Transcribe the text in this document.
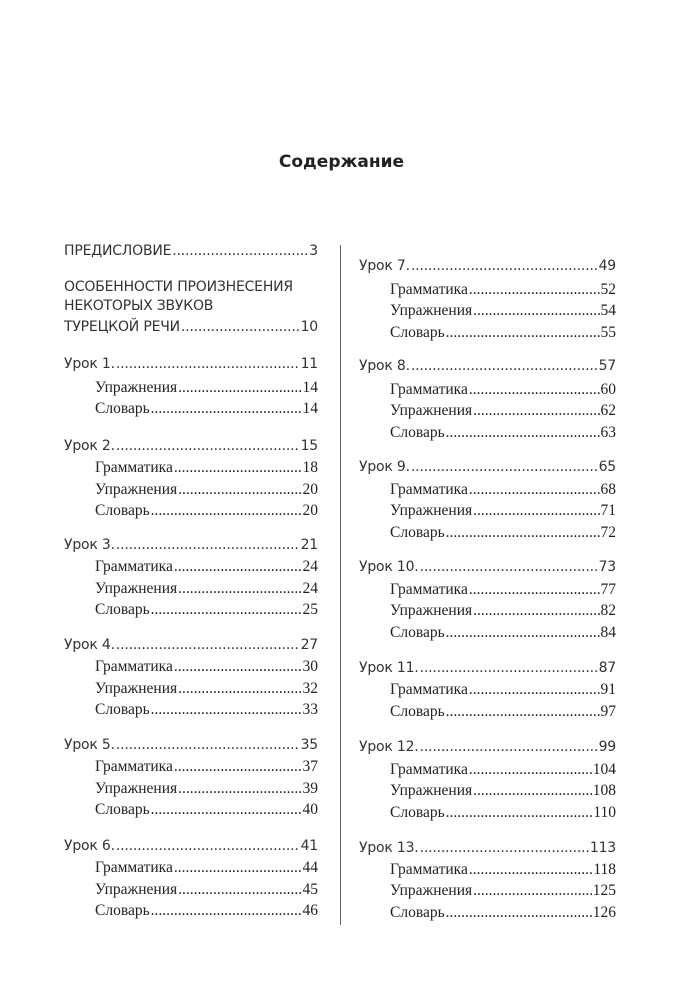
Содержание
ПРЕДИСЛОВИЕ .....	3
ОСОБЕННОСТИ ПРОИЗНЕСЕНИЯ
НЕКОТОРЫХ ЗВУКОВ
ТУРЕЦКОЙ РЕЧИ .....	10
Урок 1. .....	11
Упражнения .....	14
Словарь .....	14
Урок 2. .....	15
Грамматика .....	18
Упражнения .....	20
Словарь .....	20
Урок 3. .....	21
Грамматика .....	24
Упражнения .....	24
Словарь .....	25
Урок 4. .....	27
Грамматика .....	30
Упражнения .....	32
Словарь .....	33
Урок 5. .....	35
Грамматика .....	37
Упражнения .....	39
Словарь .....	40
Урок 6. .....	41
Грамматика .....	44
Упражнения .....	45
Словарь .....	46
Урок 7. .....	49
Грамматика .....	52
Упражнения .....	54
Словарь .....	55
Урок 8. .....	57
Грамматика .....	60
Упражнения .....	62
Словарь .....	63
Урок 9. .....	65
Грамматика .....	68
Упражнения .....	71
Словарь .....	72
Урок 10. .....	73
Грамматика .....	77
Упражнения .....	82
Словарь .....	84
Урок 11. .....	87
Грамматика .....	91
Словарь .....	97
Урок 12. .....	99
Грамматика .....	104
Упражнения .....	108
Словарь .....	110
Урок 13. .....	113
Грамматика .....	118
Упражнения .....	125
Словарь .....	126
